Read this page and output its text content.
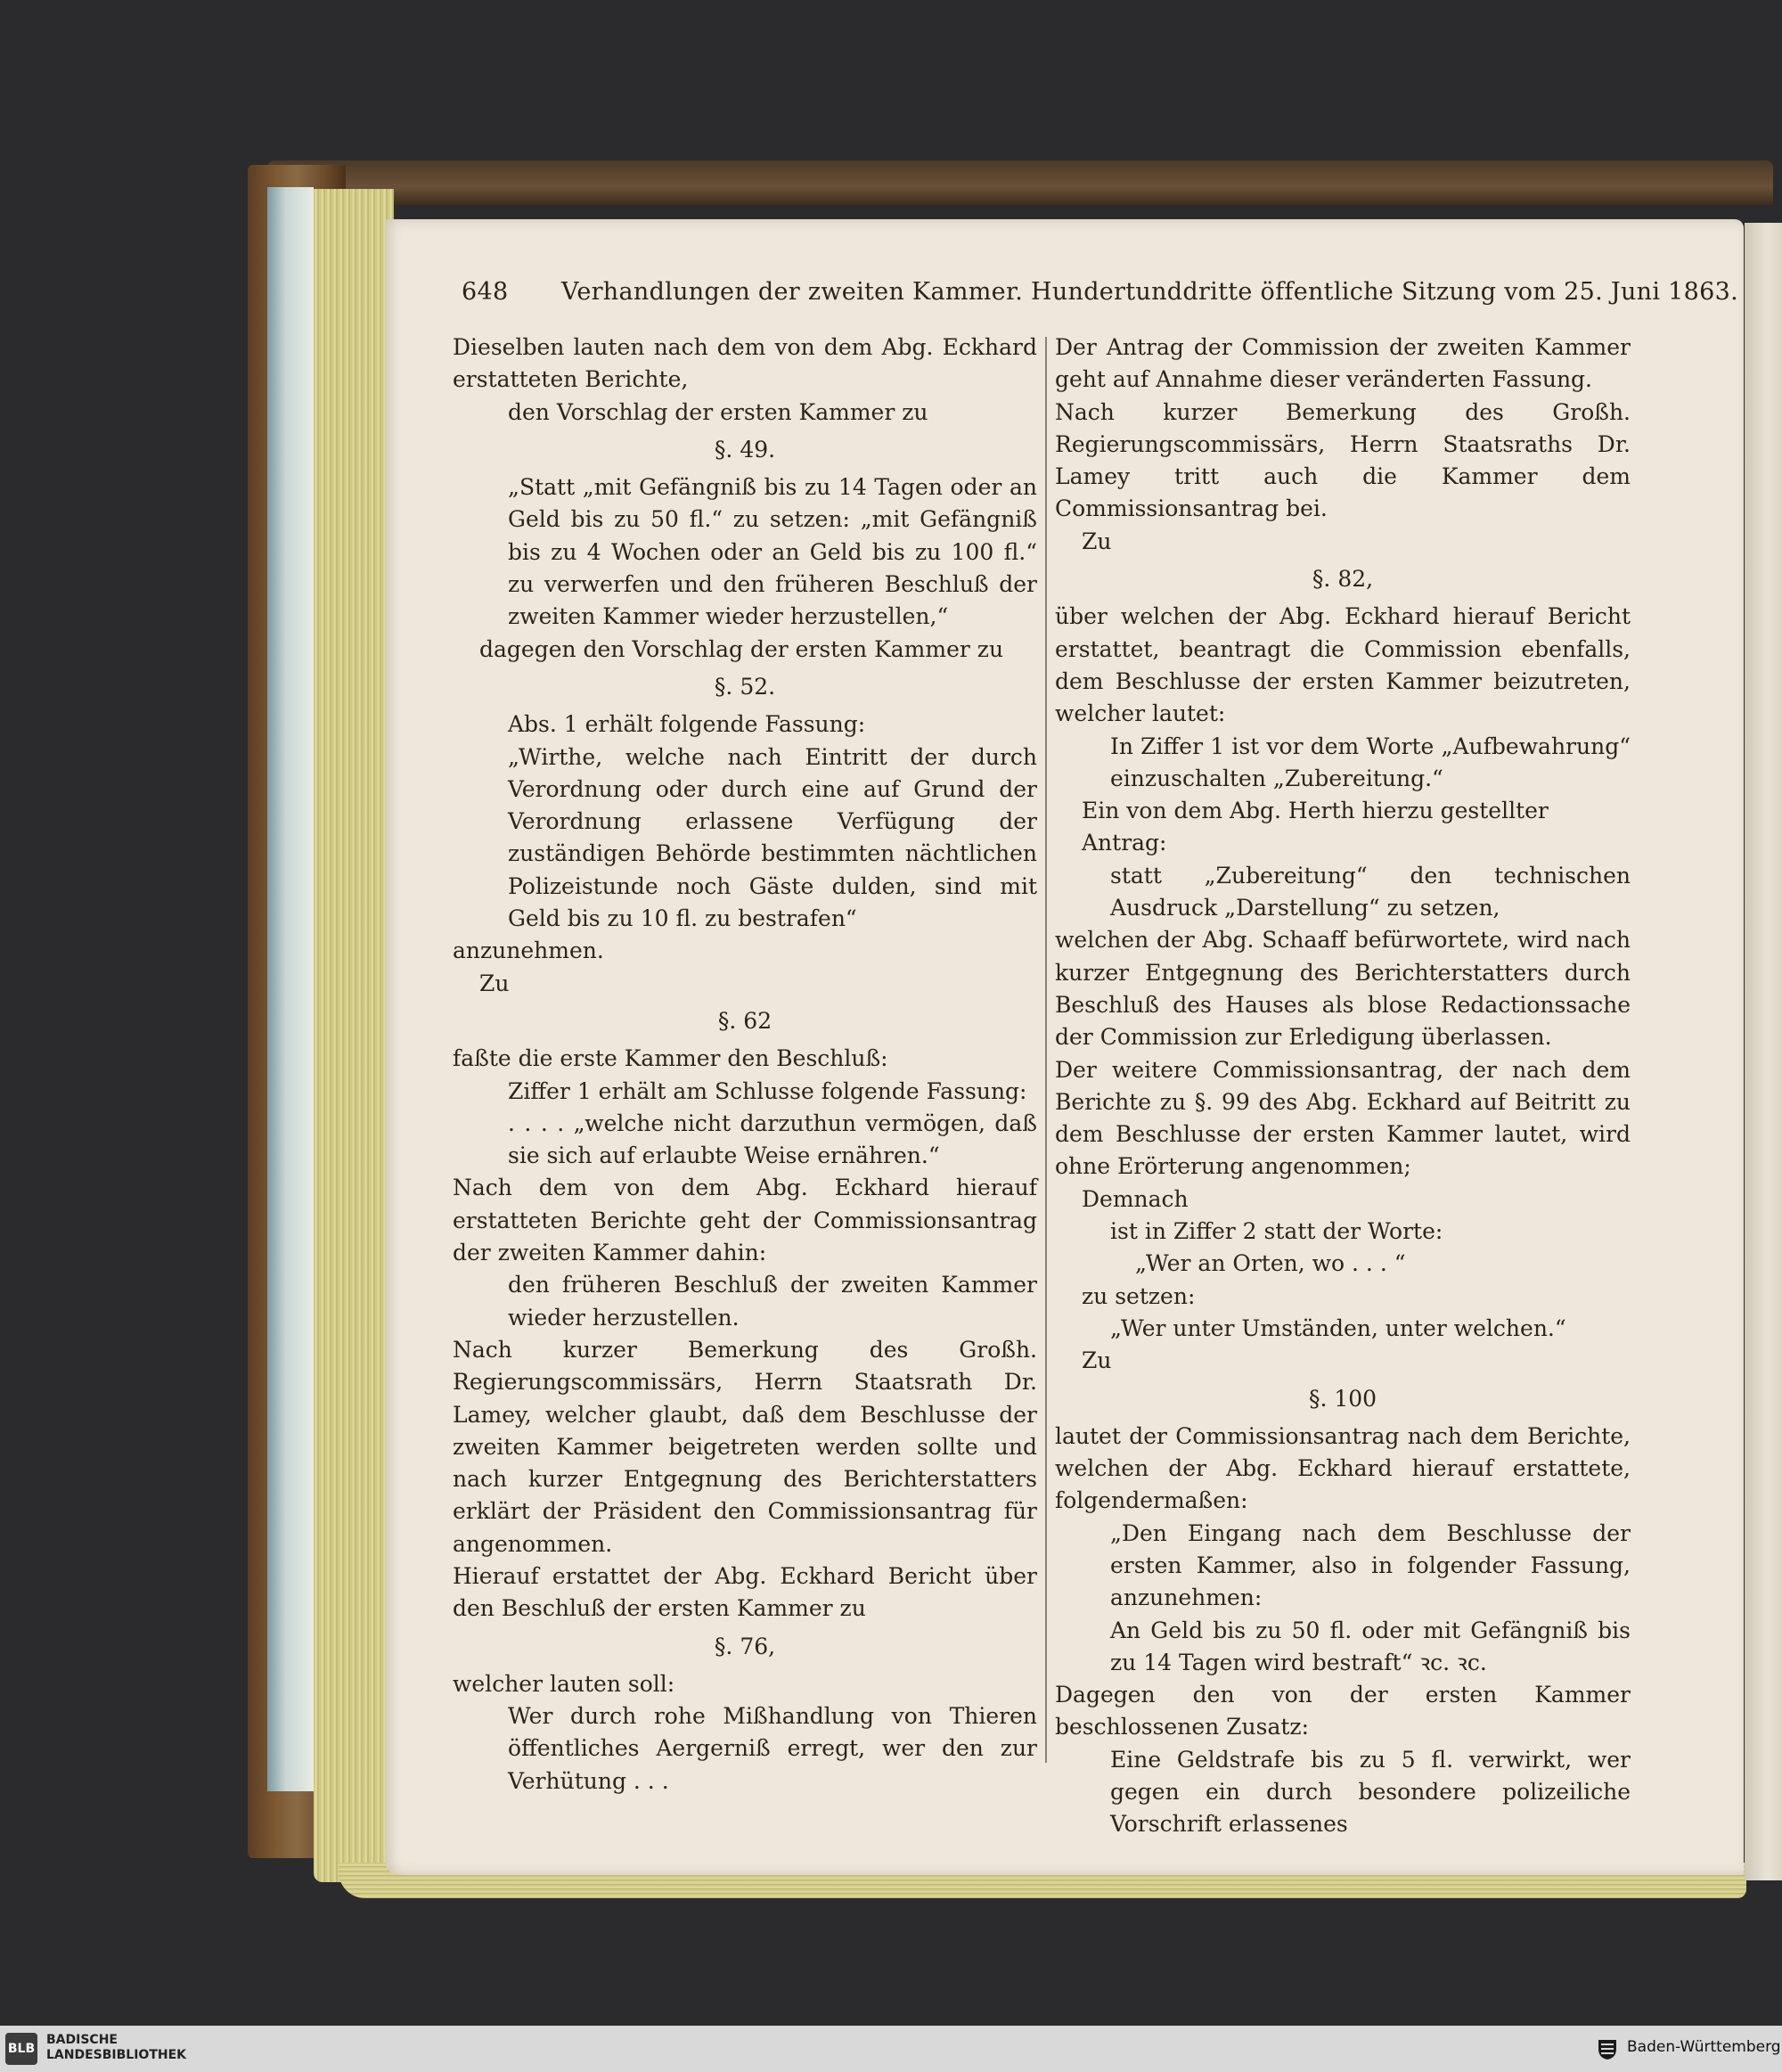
648 Verhandlungen der zweiten Kammer. Hundertunddritte öffentliche Sitzung vom 25. Juni 1863.

Dieselben lauten nach dem von dem Abg. Eckhard erstatteten Berichte,

den Vorschlag der ersten Kammer zu

§. 49.

„Statt „mit Gefängniß bis zu 14 Tagen oder an Geld bis zu 50 fl.“ zu setzen: „mit Gefängniß bis zu 4 Wochen oder an Geld bis zu 100 fl.“ zu verwerfen und den früheren Beschluß der zweiten Kammer wieder herzustellen,“

dagegen den Vorschlag der ersten Kammer zu

§. 52.

Abs. 1 erhält folgende Fassung:

„Wirthe, welche nach Eintritt der durch Verordnung oder durch eine auf Grund der Verordnung erlassene Verfügung der zuständigen Behörde bestimmten nächtlichen Polizeistunde noch Gäste dulden, sind mit Geld bis zu 10 fl. zu bestrafen“

anzunehmen.

Zu

§. 62

faßte die erste Kammer den Beschluß:

Ziffer 1 erhält am Schlusse folgende Fassung:

. . . . „welche nicht darzuthun vermögen, daß sie sich auf erlaubte Weise ernähren.“

Nach dem von dem Abg. Eckhard hierauf erstatteten Berichte geht der Commissionsantrag der zweiten Kammer dahin:

den früheren Beschluß der zweiten Kammer wieder herzustellen.

Nach kurzer Bemerkung des Großh. Regierungscommissärs, Herrn Staatsrath Dr. Lamey, welcher glaubt, daß dem Beschlusse der zweiten Kammer beigetreten werden sollte und nach kurzer Entgegnung des Berichterstatters erklärt der Präsident den Commissionsantrag für angenommen.

Hierauf erstattet der Abg. Eckhard Bericht über den Beschluß der ersten Kammer zu

§. 76,

welcher lauten soll:

Wer durch rohe Mißhandlung von Thieren öffentliches Aergerniß erregt, wer den zur Verhütung . . .

Der Antrag der Commission der zweiten Kammer geht auf Annahme dieser veränderten Fassung.

Nach kurzer Bemerkung des Großh. Regierungscommissärs, Herrn Staatsraths Dr. Lamey tritt auch die Kammer dem Commissionsantrag bei.

Zu

§. 82,

über welchen der Abg. Eckhard hierauf Bericht erstattet, beantragt die Commission ebenfalls, dem Beschlusse der ersten Kammer beizutreten, welcher lautet:

In Ziffer 1 ist vor dem Worte „Aufbewahrung“ einzuschalten „Zubereitung.“

Ein von dem Abg. Herth hierzu gestellter Antrag:

statt „Zubereitung“ den technischen Ausdruck „Darstellung“ zu setzen,

welchen der Abg. Schaaff befürwortete, wird nach kurzer Entgegnung des Berichterstatters durch Beschluß des Hauses als blose Redactionssache der Commission zur Erledigung überlassen.

Der weitere Commissionsantrag, der nach dem Berichte zu §. 99 des Abg. Eckhard auf Beitritt zu dem Beschlusse der ersten Kammer lautet, wird ohne Erörterung angenommen;

Demnach

ist in Ziffer 2 statt der Worte:

„Wer an Orten, wo . . . “

zu setzen:

„Wer unter Umständen, unter welchen.“

Zu

§. 100

lautet der Commissionsantrag nach dem Berichte, welchen der Abg. Eckhard hierauf erstattete, folgendermaßen:

„Den Eingang nach dem Beschlusse der ersten Kammer, also in folgender Fassung, anzunehmen:

An Geld bis zu 50 fl. oder mit Gefängniß bis zu 14 Tagen wird bestraft“ ꝛc. ꝛc.

Dagegen den von der ersten Kammer beschlossenen Zusatz:

Eine Geldstrafe bis zu 5 fl. verwirkt, wer gegen ein durch besondere polizeiliche Vorschrift erlassenes

BLB
BADISCHE
LANDESBIBLIOTHEK	Baden-Württemberg
